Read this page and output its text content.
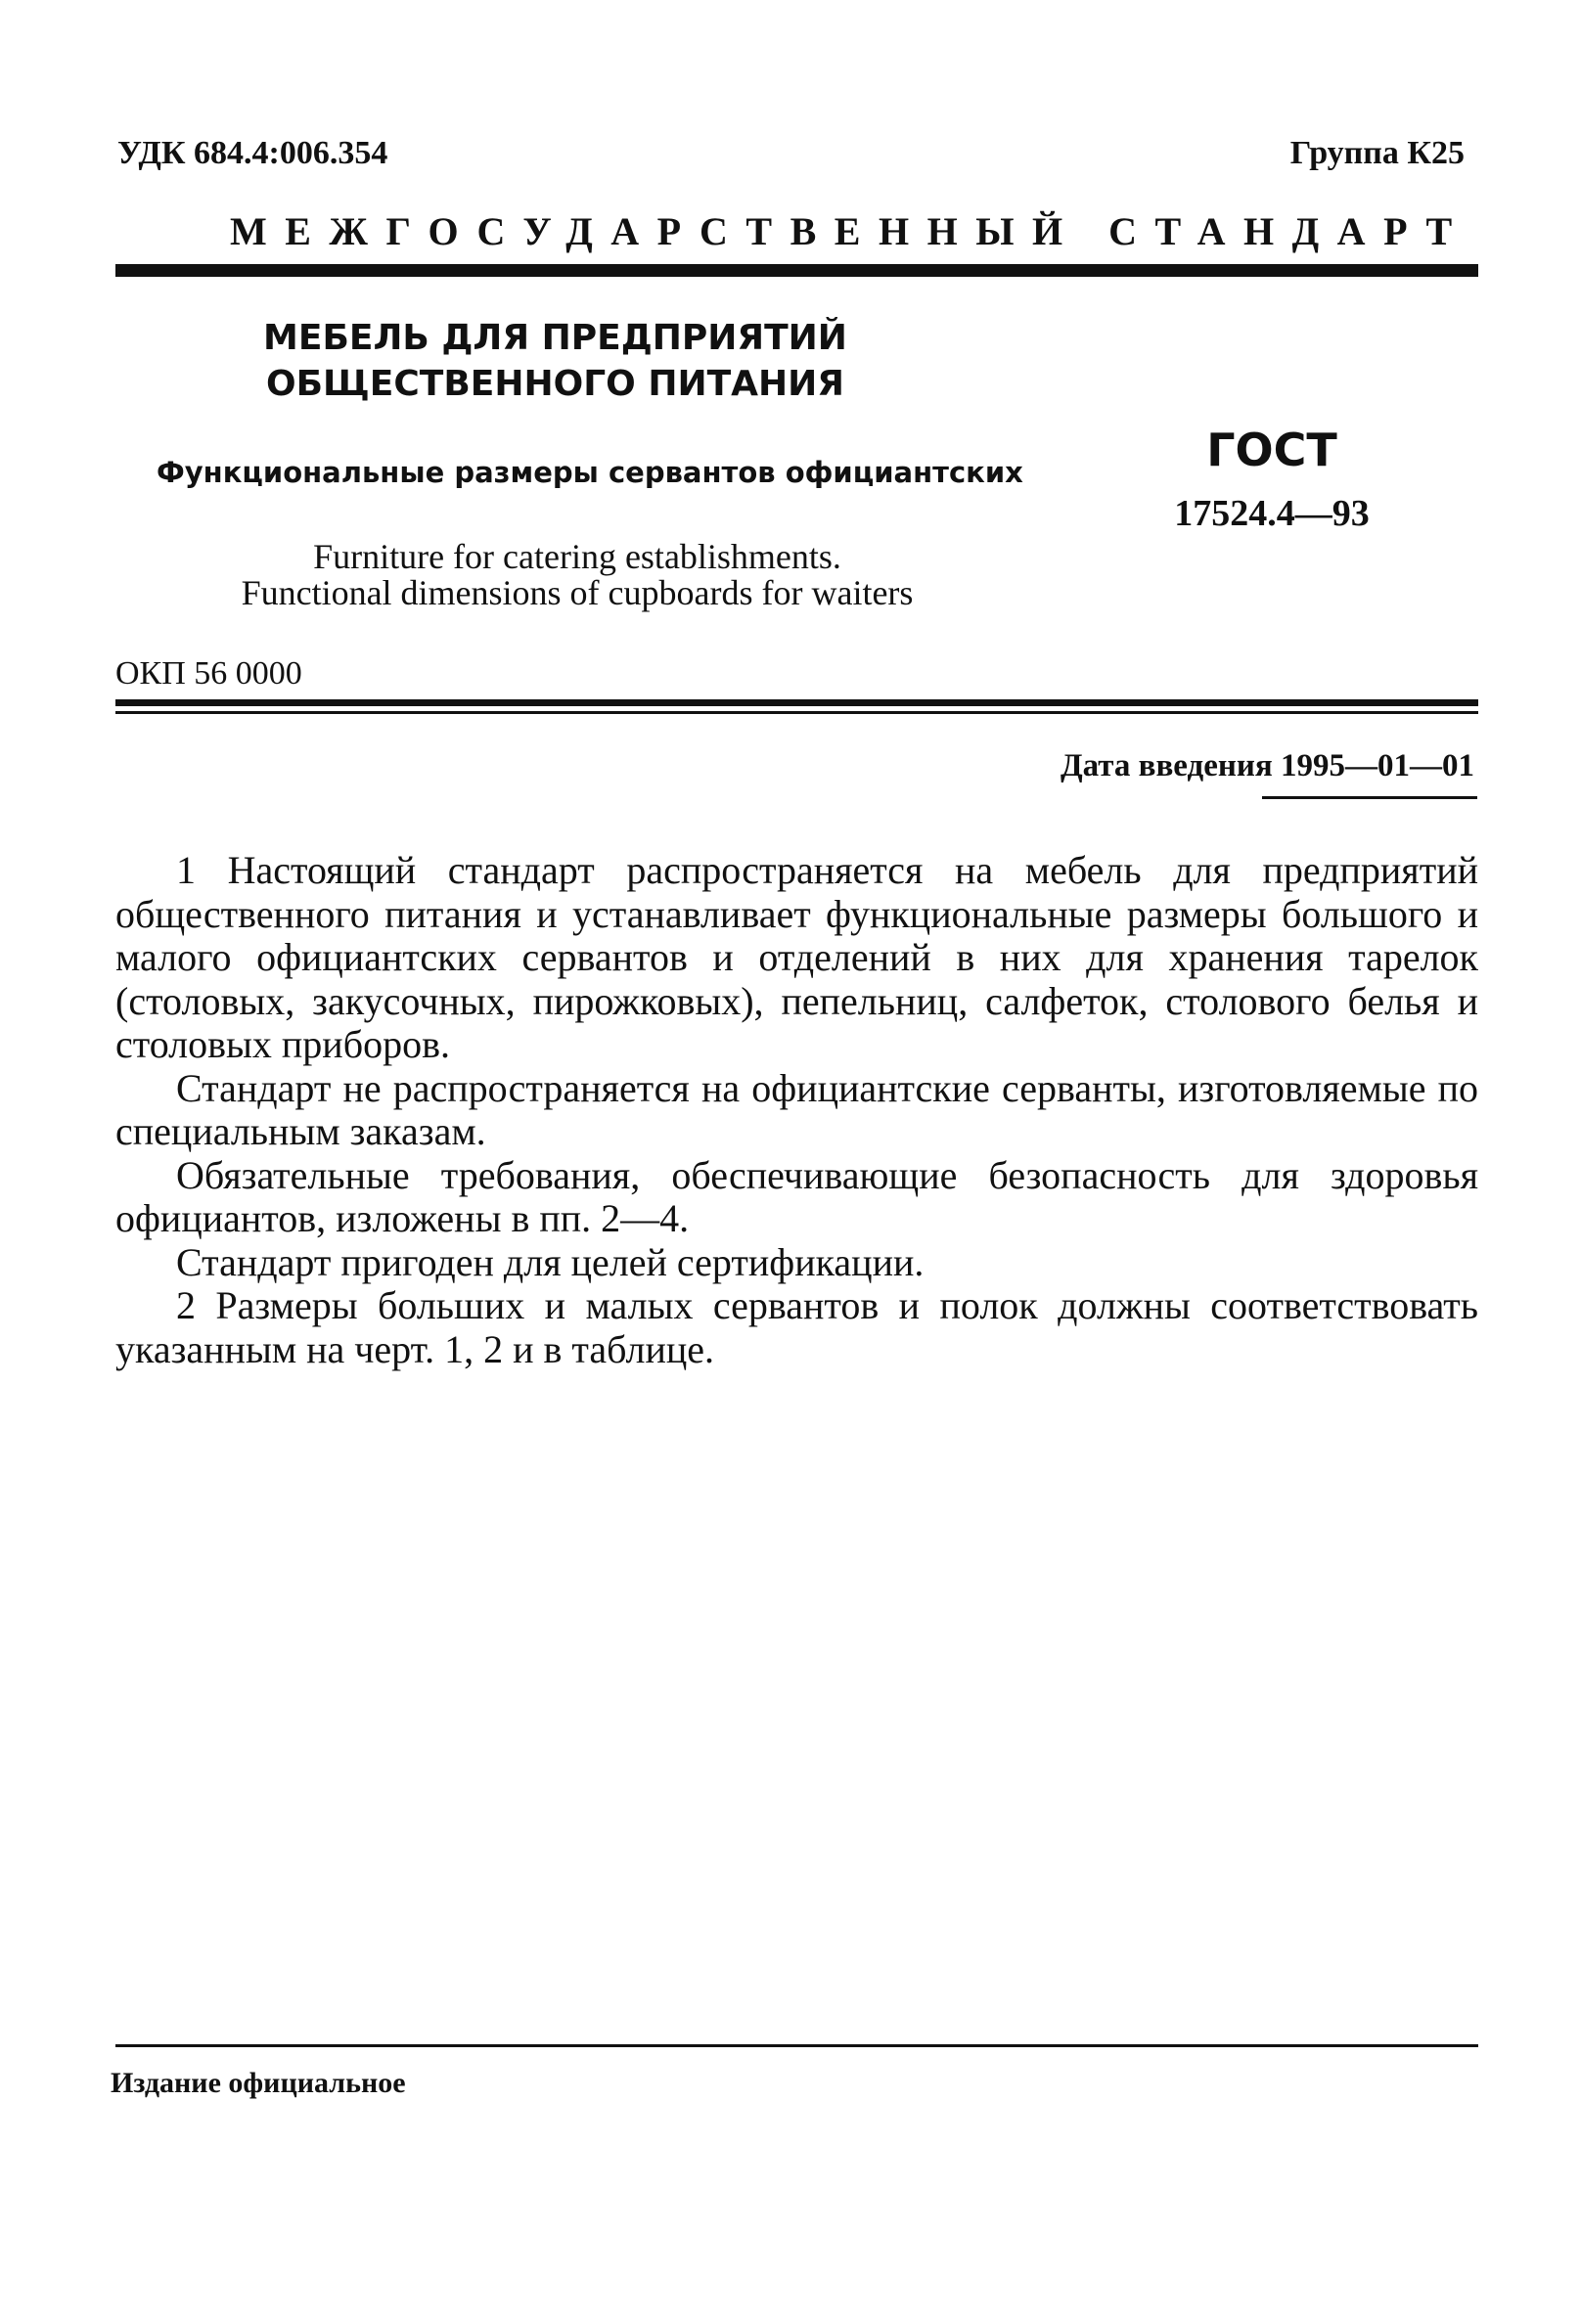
УДК 684.4:006.354	Группа К25
МЕЖГОСУДАРСТВЕННЫЙ СТАНДАРТ
МЕБЕЛЬ ДЛЯ ПРЕДПРИЯТИЙ
ОБЩЕСТВЕННОГО ПИТАНИЯ
Функциональные размеры сервантов официантских	ГОСТ
17524.4—93
Furniture for catering establishments.
Functional dimensions of cupboards for waiters
ОКП 56 0000
Дата введения 1995—01—01

1 Настоящий стандарт распространяется на мебель для предприятий общественного питания и устанавливает функциональные размеры большого и малого официантских сервантов и отделений в них для хранения тарелок (столовых, закусочных, пирожковых), пепельниц, салфеток, столового белья и столовых приборов.

Стандарт не распространяется на официантские серванты, изготовляемые по специальным заказам.

Обязательные требования, обеспечивающие безопасность для здоровья официантов, изложены в пп. 2—4.

Стандарт пригоден для целей сертификации.

2 Размеры больших и малых сервантов и полок должны соответствовать указанным на черт. 1, 2 и в таблице.

Издание официальное
